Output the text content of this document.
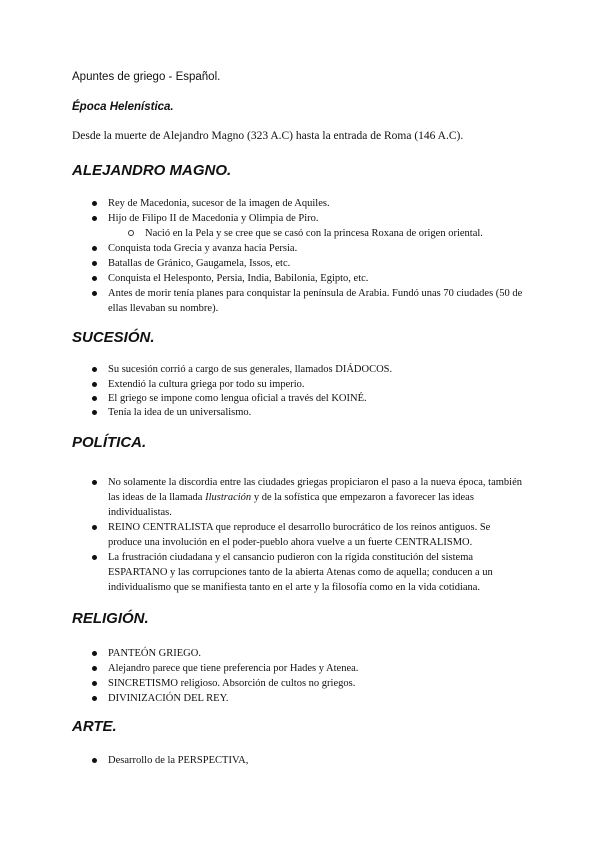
Apuntes de griego - Español.
Época Helenística.
Desde la muerte de Alejandro Magno (323 A.C) hasta la entrada de Roma (146 A.C).
ALEJANDRO MAGNO.
Rey de Macedonia, sucesor de la imagen de Aquiles.
Hijo de Filipo II de Macedonia y Olimpia de Piro.
Nació en la Pela y se cree que se casó con la princesa Roxana de origen oriental.
Conquista toda Grecia y avanza hacia Persia.
Batallas de Gránico, Gaugamela, Issos, etc.
Conquista el Helesponto, Persia, India, Babilonia, Egipto, etc.
Antes de morir tenía planes para conquistar la península de Arabia. Fundó unas 70 ciudades (50 de ellas llevaban su nombre).
SUCESIÓN.
Su sucesión corrió a cargo de sus generales, llamados DIÁDOCOS.
Extendió la cultura griega por todo su imperio.
El griego se impone como lengua oficial a través del KOINÉ.
Tenía la idea de un universalismo.
POLÍTICA.
No solamente la discordia entre las ciudades griegas propiciaron el paso a la nueva época, también las ideas de la llamada Ilustración y de la sofística que empezaron a favorecer las ideas individualistas.
REINO CENTRALISTA que reproduce el desarrollo burocrático de los reinos antiguos. Se produce una involución en el poder-pueblo ahora vuelve a un fuerte CENTRALISMO.
La frustración ciudadana y el cansancio pudieron con la rígida constitución del sistema ESPARTANO y las corrupciones tanto de la abierta Atenas como de aquella; conducen a un individualismo que se manifiesta tanto en el arte y la filosofía como en la vida cotidiana.
RELIGIÓN.
PANTEÓN GRIEGO.
Alejandro parece que tiene preferencia por Hades y Atenea.
SINCRETISMO religioso. Absorción de cultos no griegos.
DIVINIZACIÓN DEL REY.
ARTE.
Desarrollo de la PERSPECTIVA,
